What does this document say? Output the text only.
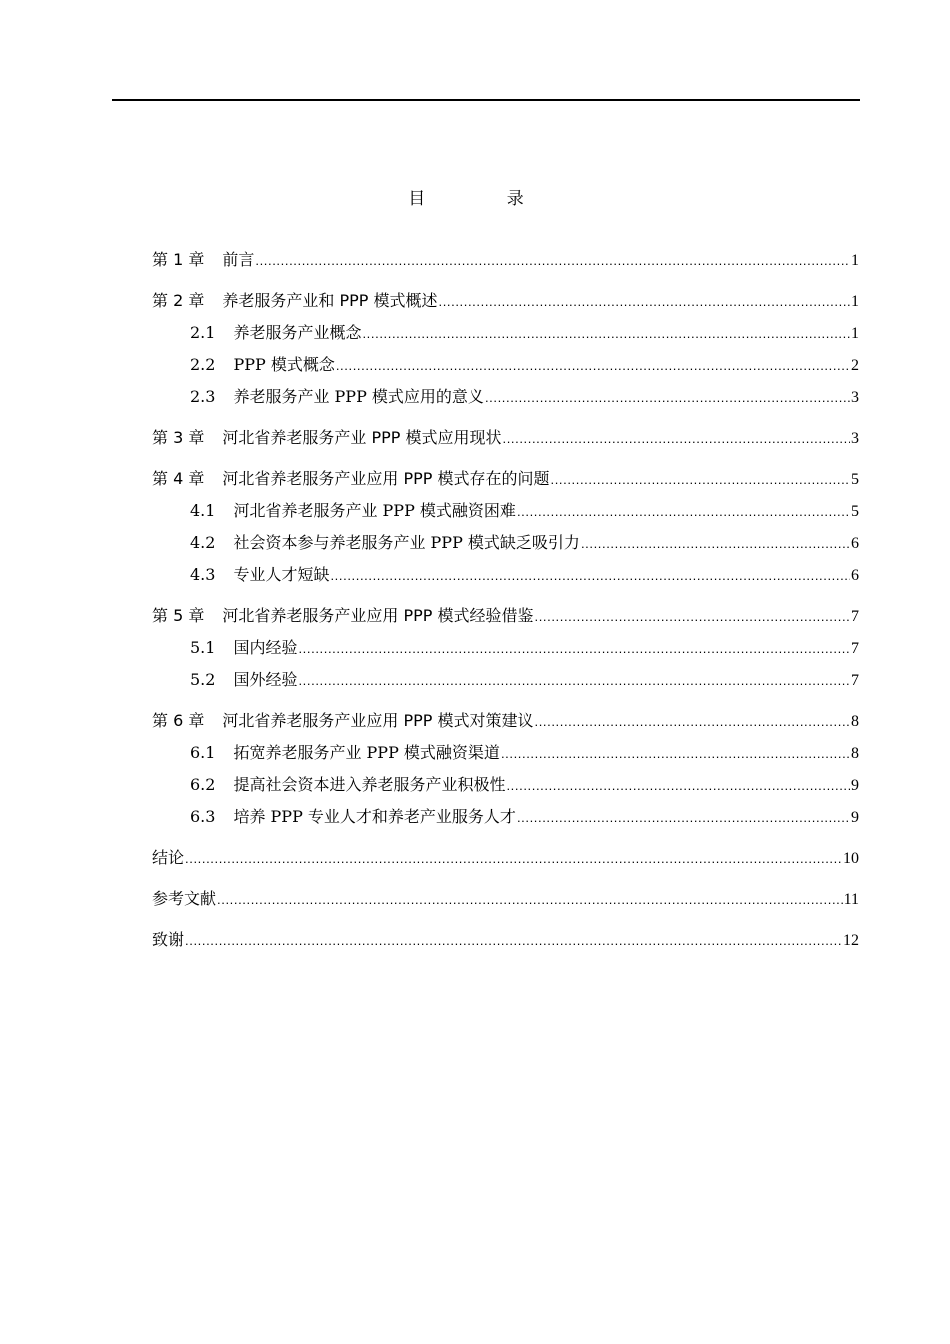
目 录
第 1 章 前言 .....	1
第 2 章 养老服务产业和 PPP 模式概述 .....	1
2.1 养老服务产业概念 .....	1
2.2 PPP 模式概念 .....	2
2.3 养老服务产业 PPP 模式应用的意义 .....	3
第 3 章 河北省养老服务产业 PPP 模式应用现状 .....	3
第 4 章 河北省养老服务产业应用 PPP 模式存在的问题 .....	5
4.1 河北省养老服务产业 PPP 模式融资困难 .....	5
4.2 社会资本参与养老服务产业 PPP 模式缺乏吸引力 .....	6
4.3 专业人才短缺 .....	6
第 5 章 河北省养老服务产业应用 PPP 模式经验借鉴 .....	7
5.1 国内经验 .....	7
5.2 国外经验 .....	7
第 6 章 河北省养老服务产业应用 PPP 模式对策建议 .....	8
6.1 拓宽养老服务产业 PPP 模式融资渠道 .....	8
6.2 提高社会资本进入养老服务产业积极性 .....	9
6.3 培养 PPP 专业人才和养老产业服务人才 .....	9
结论 .....	10
参考文献 .....	11
致谢 .....	12
